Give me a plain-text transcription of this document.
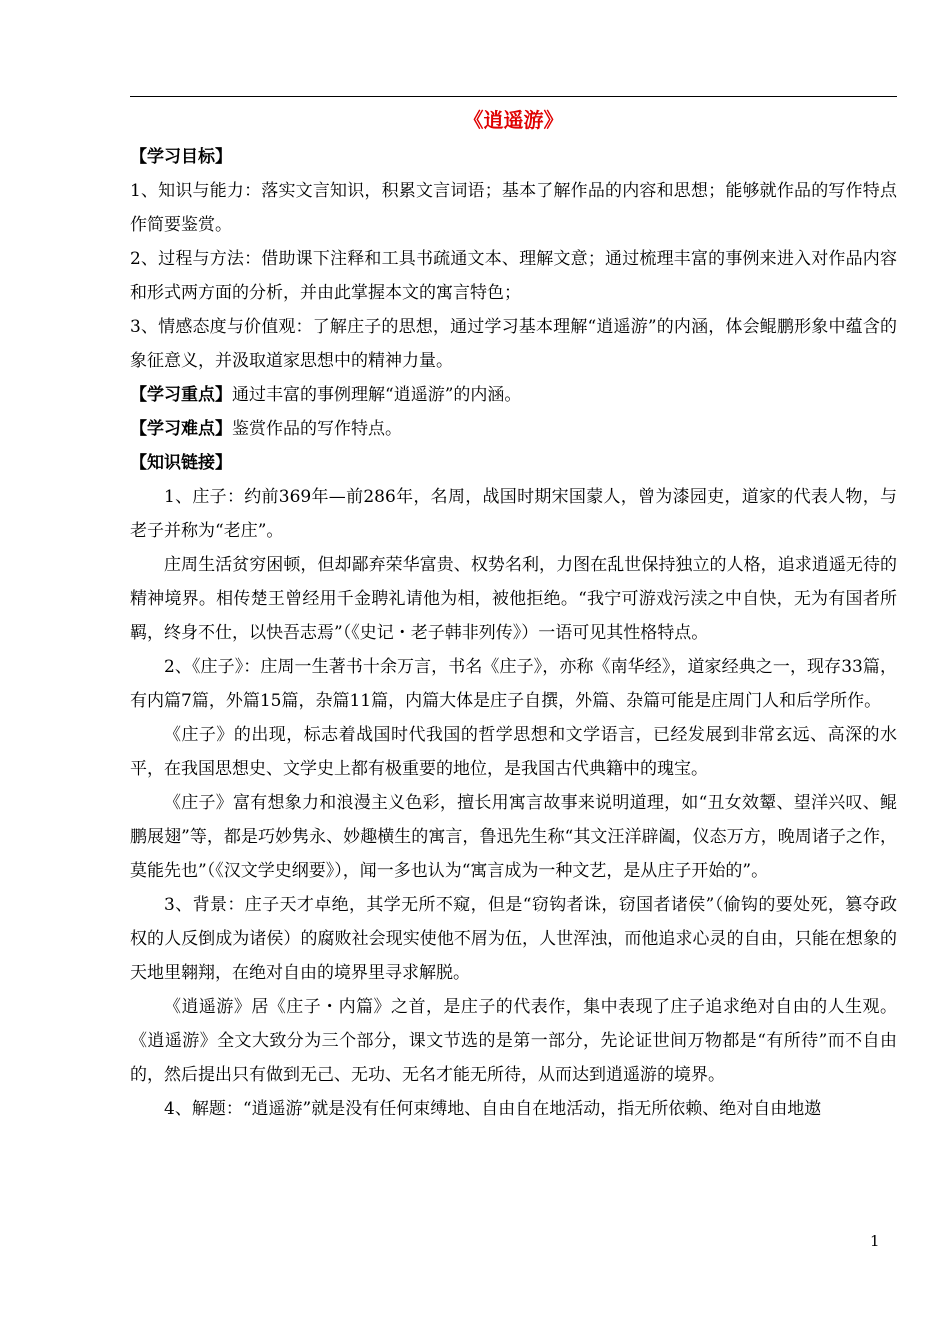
《逍遥游》

【学习目标】

1、知识与能力：落实文言知识，积累文言词语；基本了解作品的内容和思想；能够就作品的写作特点作简要鉴赏。

2、过程与方法：借助课下注释和工具书疏通文本、理解文意；通过梳理丰富的事例来进入对作品内容和形式两方面的分析，并由此掌握本文的寓言特色；

3、情感态度与价值观：了解庄子的思想，通过学习基本理解“逍遥游”的内涵，体会鲲鹏形象中蕴含的象征意义，并汲取道家思想中的精神力量。

【学习重点】通过丰富的事例理解“逍遥游”的内涵。

【学习难点】鉴赏作品的写作特点。

【知识链接】

1、庄子：约前369年—前286年，名周，战国时期宋国蒙人，曾为漆园吏，道家的代表人物，与老子并称为“老庄”。

庄周生活贫穷困顿，但却鄙弃荣华富贵、权势名利，力图在乱世保持独立的人格，追求逍遥无待的精神境界。相传楚王曾经用千金聘礼请他为相，被他拒绝。“我宁可游戏污渎之中自快，无为有国者所羁，终身不仕，以快吾志焉”（《史记・老子韩非列传》）一语可见其性格特点。

2、《庄子》：庄周一生著书十余万言，书名《庄子》，亦称《南华经》，道家经典之一，现存33篇，有内篇7篇，外篇15篇，杂篇11篇，内篇大体是庄子自撰，外篇、杂篇可能是庄周门人和后学所作。

《庄子》的出现，标志着战国时代我国的哲学思想和文学语言，已经发展到非常玄远、高深的水平，在我国思想史、文学史上都有极重要的地位，是我国古代典籍中的瑰宝。

《庄子》富有想象力和浪漫主义色彩，擅长用寓言故事来说明道理，如“丑女效颦、望洋兴叹、鲲鹏展翅”等，都是巧妙隽永、妙趣横生的寓言，鲁迅先生称“其文汪洋辟阖，仪态万方，晚周诸子之作，莫能先也”（《汉文学史纲要》），闻一多也认为“寓言成为一种文艺，是从庄子开始的”。

3、背景：庄子天才卓绝，其学无所不窥，但是“窃钩者诛，窃国者诸侯”（偷钩的要处死，篡夺政权的人反倒成为诸侯）的腐败社会现实使他不屑为伍，人世浑浊，而他追求心灵的自由，只能在想象的天地里翱翔，在绝对自由的境界里寻求解脱。

《逍遥游》居《庄子・内篇》之首，是庄子的代表作，集中表现了庄子追求绝对自由的人生观。《逍遥游》全文大致分为三个部分，课文节选的是第一部分，先论证世间万物都是“有所待”而不自由的，然后提出只有做到无己、无功、无名才能无所待，从而达到逍遥游的境界。

4、解题：“逍遥游”就是没有任何束缚地、自由自在地活动，指无所依赖、绝对自由地遨

1
